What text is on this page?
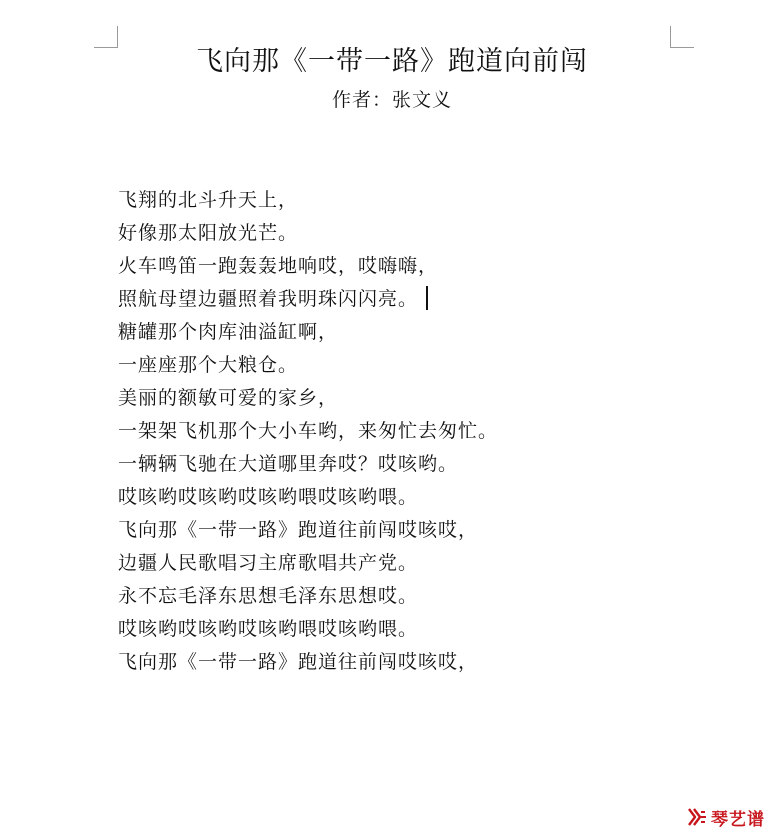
飞向那《一带一路》跑道向前闯

作者：张文义

飞翔的北斗升天上，
好像那太阳放光芒。
火车鸣笛一跑轰轰地响哎，哎嗨嗨，
照航母望边疆照着我明珠闪闪亮。
糖罐那个肉库油溢缸啊，
一座座那个大粮仓。
美丽的额敏可爱的家乡，
一架架飞机那个大小车哟，来匆忙去匆忙。
一辆辆飞驰在大道哪里奔哎？哎咳哟。
哎咳哟哎咳哟哎咳哟喂哎咳哟喂。
飞向那《一带一路》跑道往前闯哎咳哎，
边疆人民歌唱习主席歌唱共产党。
永不忘毛泽东思想毛泽东思想哎。
哎咳哟哎咳哟哎咳哟喂哎咳哟喂。
飞向那《一带一路》跑道往前闯哎咳哎，
琴艺谱
